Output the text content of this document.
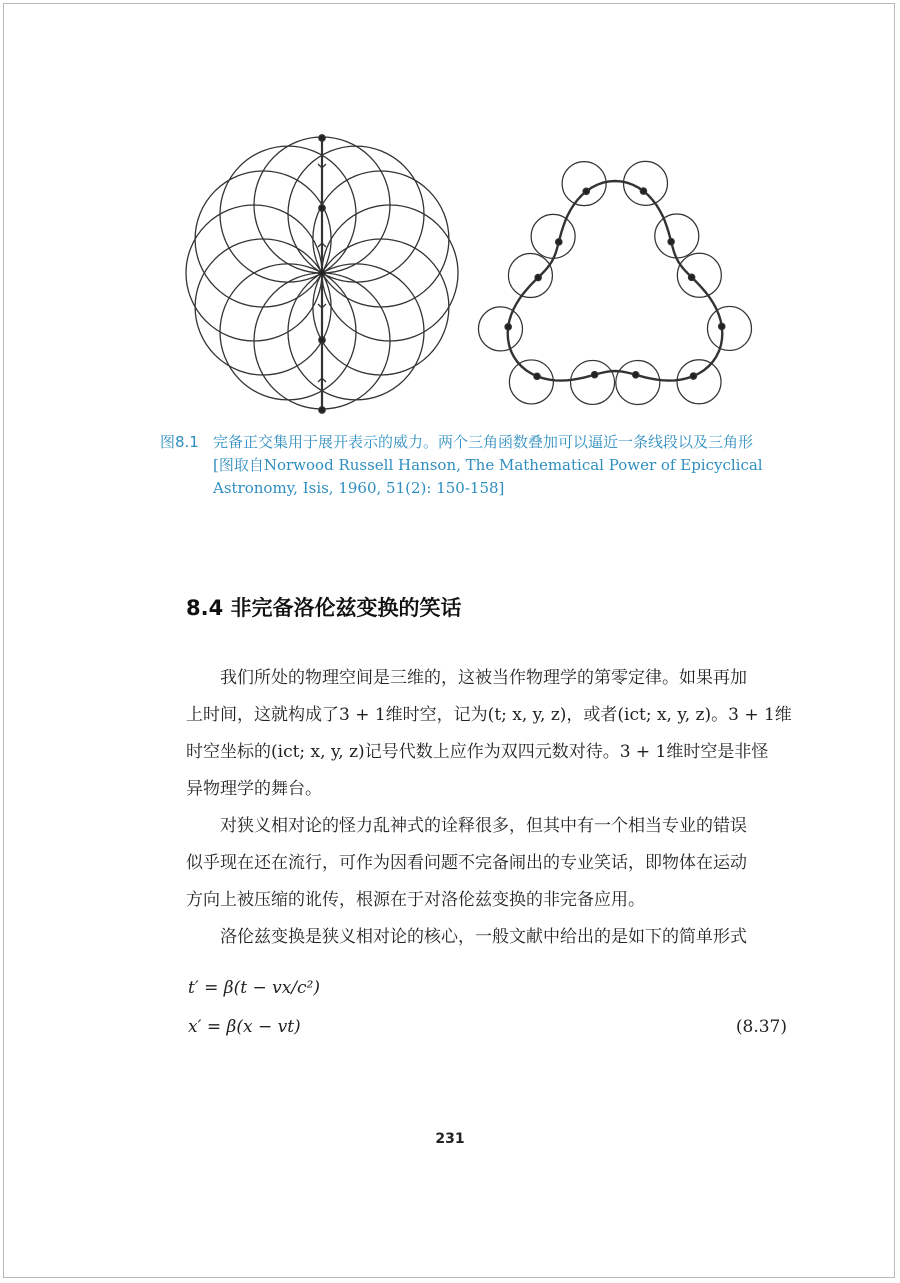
图8.1 完备正交集用于展开表示的威力。两个三角函数叠加可以逼近一条线段以及三角形
[图取自Norwood Russell Hanson, The Mathematical Power of Epicyclical
Astronomy, Isis, 1960, 51(2): 150-158]
8.4 非完备洛伦兹变换的笑话

　　我们所处的物理空间是三维的，这被当作物理学的第零定律。如果再加

上时间，这就构成了3 + 1维时空，记为(t; x, y, z)，或者(ict; x, y, z)。3 + 1维

时空坐标的(ict; x, y, z)记号代数上应作为双四元数对待。3 + 1维时空是非怪

异物理学的舞台。

　　对狭义相对论的怪力乱神式的诠释很多，但其中有一个相当专业的错误

似乎现在还在流行，可作为因看问题不完备闹出的专业笑话，即物体在运动

方向上被压缩的讹传，根源在于对洛伦兹变换的非完备应用。

　　洛伦兹变换是狭义相对论的核心，一般文献中给出的是如下的简单形式

t′ = β(t − vx/c²)
x′ = β(x − vt)	(8.37)
231
